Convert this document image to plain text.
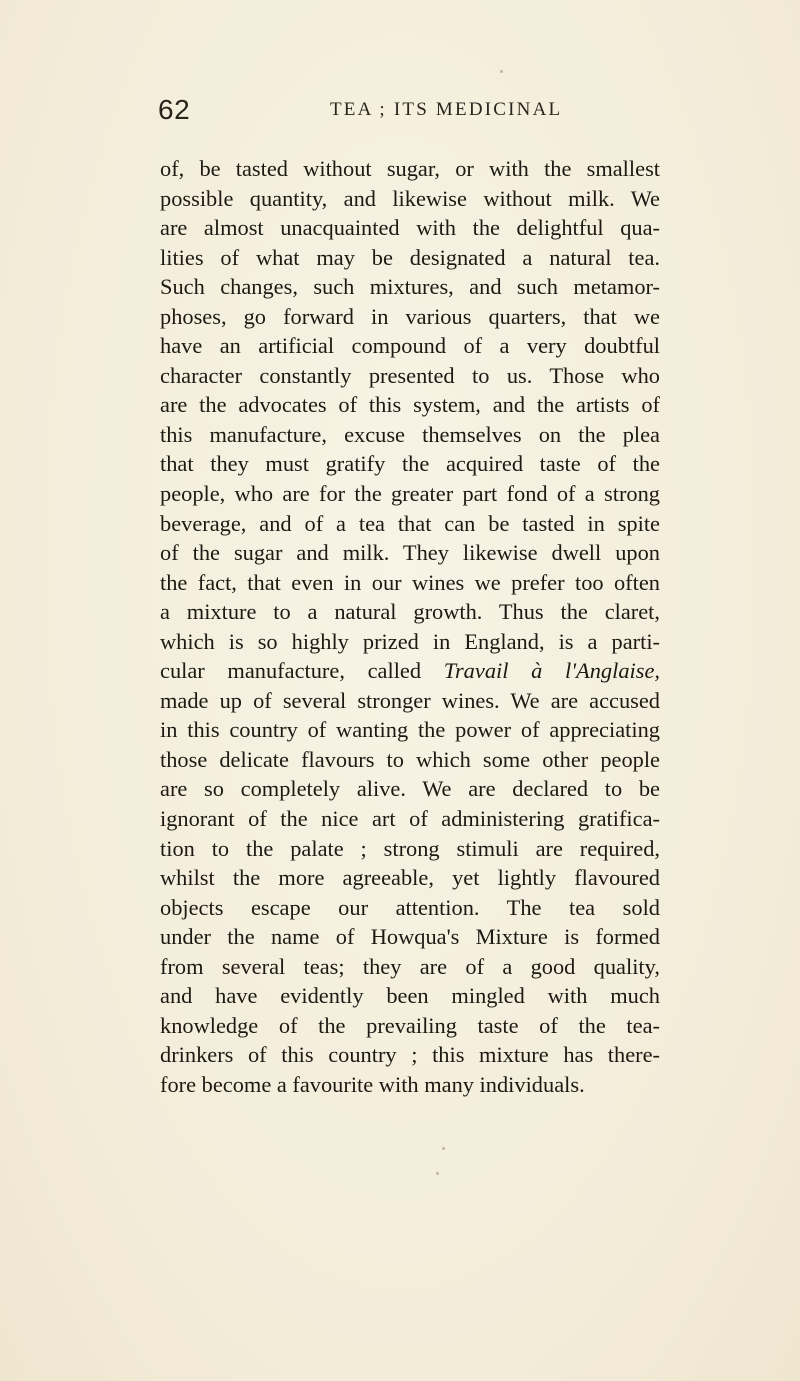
62	TEA ; ITS MEDICINAL
of, be tasted without sugar, or with the smallest
possible quantity, and likewise without milk. We
are almost unacquainted with the delightful qua-
lities of what may be designated a natural tea.
Such changes, such mixtures, and such metamor-
phoses, go forward in various quarters, that we
have an artificial compound of a very doubtful
character constantly presented to us. Those who
are the advocates of this system, and the artists of
this manufacture, excuse themselves on the plea
that they must gratify the acquired taste of the
people, who are for the greater part fond of a strong
beverage, and of a tea that can be tasted in spite
of the sugar and milk. They likewise dwell upon
the fact, that even in our wines we prefer too often
a mixture to a natural growth. Thus the claret,
which is so highly prized in England, is a parti-
cular manufacture, called Travail à l'Anglaise,
made up of several stronger wines. We are accused
in this country of wanting the power of appreciating
those delicate flavours to which some other people
are so completely alive. We are declared to be
ignorant of the nice art of administering gratifica-
tion to the palate ; strong stimuli are required,
whilst the more agreeable, yet lightly flavoured
objects escape our attention. The tea sold
under the name of Howqua's Mixture is formed
from several teas; they are of a good quality,
and have evidently been mingled with much
knowledge of the prevailing taste of the tea-
drinkers of this country ; this mixture has there-
fore become a favourite with many individuals.
